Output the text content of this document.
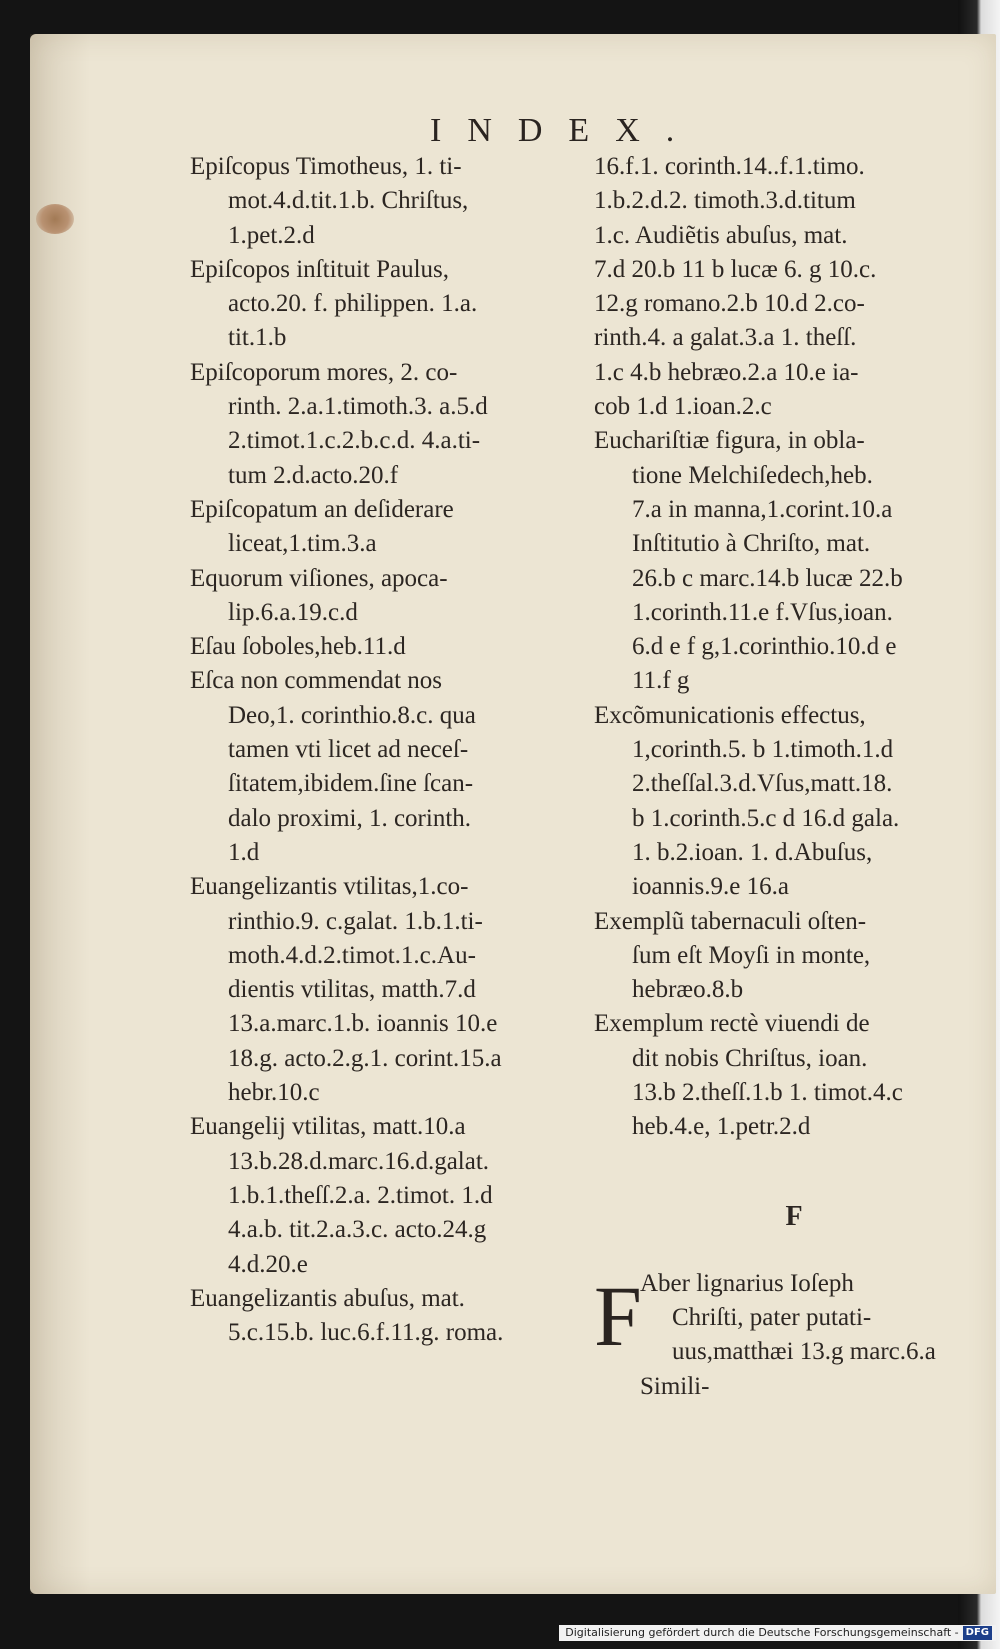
INDEX.
Epiſcopus Timotheus, 1. ti-
mot.4.d.tit.1.b. Chriſtus,
1.pet.2.d
Epiſcopos inſtituit Paulus,
acto.20. f. philippen. 1.a.
tit.1.b
Epiſcoporum mores, 2. co-
rinth. 2.a.1.timoth.3. a.5.d
2.timot.1.c.2.b.c.d. 4.a.ti-
tum 2.d.acto.20.f
Epiſcopatum an deſiderare
liceat,1.tim.3.a
Equorum viſiones, apoca-
lip.6.a.19.c.d
Eſau ſoboles,heb.11.d
Eſca non commendat nos
Deo,1. corinthio.8.c. qua
tamen vti licet ad neceſ-
ſitatem,ibidem.ſine ſcan-
dalo proximi, 1. corinth.
1.d
Euangelizantis vtilitas,1.co-
rinthio.9. c.galat. 1.b.1.ti-
moth.4.d.2.timot.1.c.Au-
dientis vtilitas, matth.7.d
13.a.marc.1.b. ioannis 10.e
18.g. acto.2.g.1. corint.15.a
hebr.10.c
Euangelij vtilitas, matt.10.a
13.b.28.d.marc.16.d.galat.
1.b.1.theſſ.2.a. 2.timot. 1.d
4.a.b. tit.2.a.3.c. acto.24.g
4.d.20.e
Euangelizantis abuſus, mat.
5.c.15.b. luc.6.f.11.g. roma.
16.f.1. corinth.14..f.1.timo.
1.b.2.d.2. timoth.3.d.titum
1.c. Audiẽtis abuſus, mat.
7.d 20.b 11 b lucæ 6. g 10.c.
12.g romano.2.b 10.d 2.co-
rinth.4. a galat.3.a 1. theſſ.
1.c 4.b hebræo.2.a 10.e ia-
cob 1.d 1.ioan.2.c
Euchariſtiæ figura, in obla-
tione Melchiſedech,heb.
7.a in manna,1.corint.10.a
Inſtitutio à Chriſto, mat.
26.b c marc.14.b lucæ 22.b
1.corinth.11.e f.Vſus,ioan.
6.d e f g,1.corinthio.10.d e
11.f g
Excõmunicationis effectus,
1,corinth.5. b 1.timoth.1.d
2.theſſal.3.d.Vſus,matt.18.
b 1.corinth.5.c d 16.d gala.
1. b.2.ioan. 1. d.Abuſus,
ioannis.9.e 16.a
Exemplũ tabernaculi oſten-
ſum eſt Moyſi in monte,
hebræo.8.b
Exemplum rectè viuendi de
dit nobis Chriſtus, ioan.
13.b 2.theſſ.1.b 1. timot.4.c
heb.4.e, 1.petr.2.d
F
F
Aber lignarius Ioſeph Chriſti, pater putati- uus,matthæi 13.g marc.6.a Simili-
Digitalisierung gefördert durch die Deutsche Forschungsgemeinschaft - DFG
